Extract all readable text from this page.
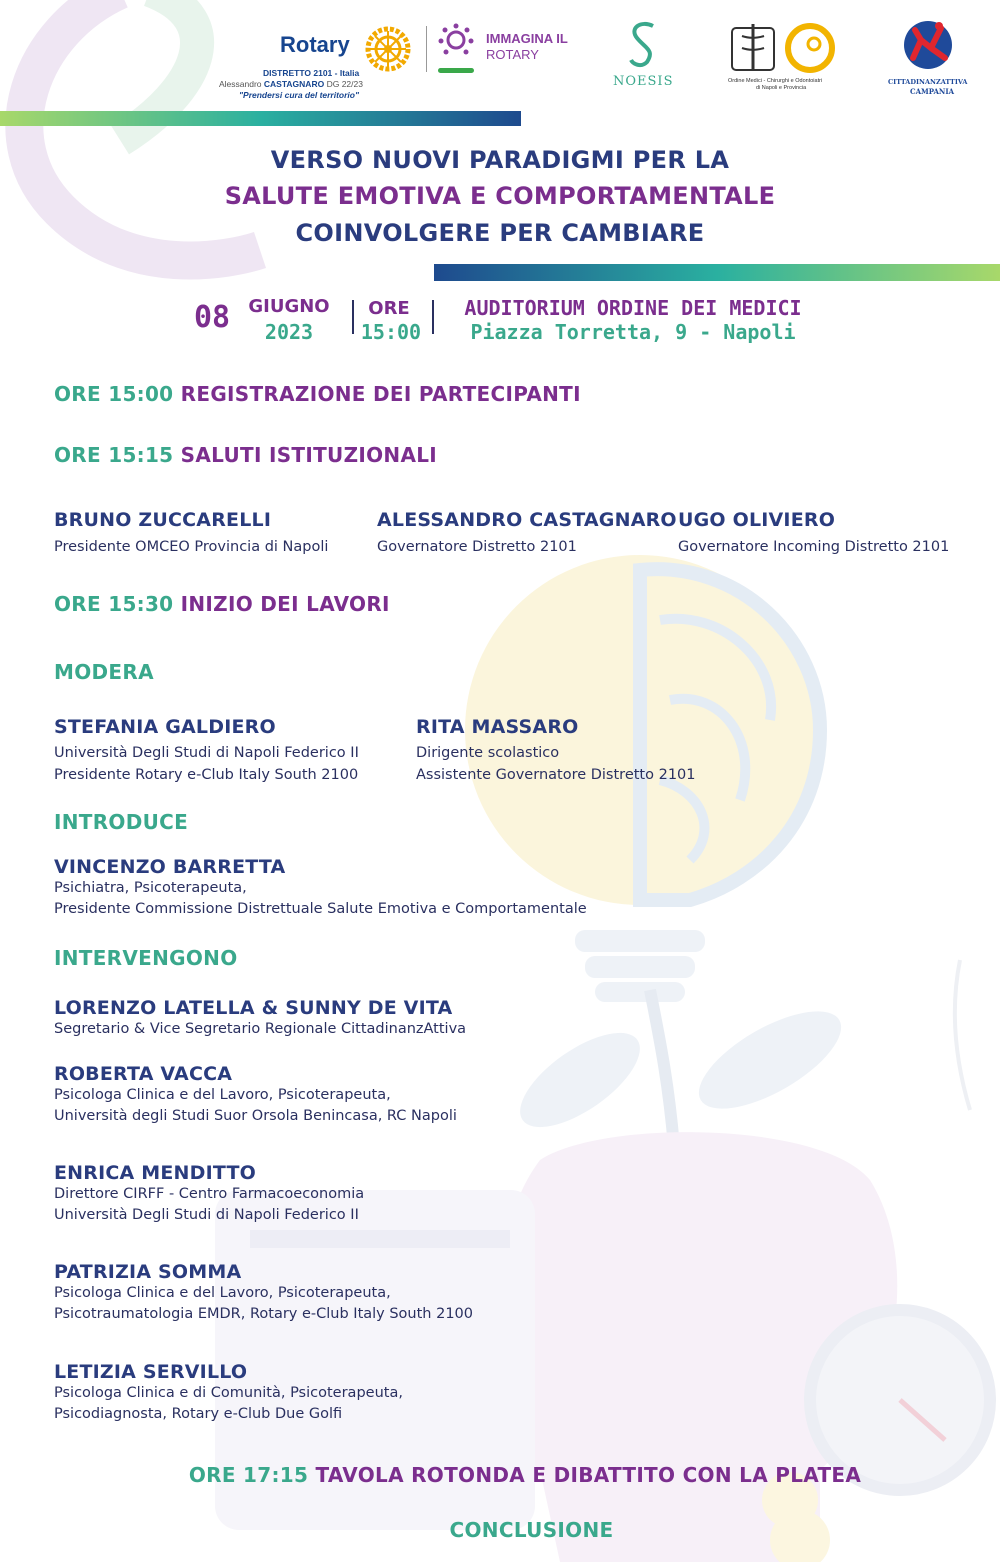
Rotary
DISTRETTO 2101 - Italia
Alessandro CASTAGNARO DG 22/23
"Prendersi cura del territorio"
IMMAGINA IL
ROTARY
NOESIS	Ordine Medici - Chirurghi e Odontoiatri
di Napoli e Provincia
CITTADINANZATTIVA
CAMPANIA
VERSO NUOVI PARADIGMI PER LA
SALUTE EMOTIVA E COMPORTAMENTALE
COINVOLGERE PER CAMBIARE
08 GIUGNO
2023
ORE
15:00
AUDITORIUM ORDINE DEI MEDICI
Piazza Torretta, 9 - Napoli
ORE 15:00 REGISTRAZIONE DEI PARTECIPANTI
ORE 15:15 SALUTI ISTITUZIONALI
BRUNO ZUCCARELLI
Presidente OMCEO Provincia di Napoli
ALESSANDRO CASTAGNARO
Governatore Distretto 2101
UGO OLIVIERO
Governatore Incoming Distretto 2101
ORE 15:30 INIZIO DEI LAVORI
MODERA
STEFANIA GALDIERO
Università Degli Studi di Napoli Federico II
Presidente Rotary e-Club Italy South 2100
RITA MASSARO
Dirigente scolastico
Assistente Governatore Distretto 2101
INTRODUCE
VINCENZO BARRETTA
Psichiatra, Psicoterapeuta,
Presidente Commissione Distrettuale Salute Emotiva e Comportamentale
INTERVENGONO
LORENZO LATELLA & SUNNY DE VITA
Segretario & Vice Segretario Regionale CittadinanzAttiva
ROBERTA VACCA
Psicologa Clinica e del Lavoro, Psicoterapeuta,
Università degli Studi Suor Orsola Benincasa, RC Napoli
ENRICA MENDITTO
Direttore CIRFF - Centro Farmacoeconomia
Università Degli Studi di Napoli Federico II
PATRIZIA SOMMA
Psicologa Clinica e del Lavoro, Psicoterapeuta,
Psicotraumatologia EMDR, Rotary e-Club Italy South 2100
LETIZIA SERVILLO
Psicologa Clinica e di Comunità, Psicoterapeuta,
Psicodiagnosta, Rotary e-Club Due Golfi
ORE 17:15 TAVOLA ROTONDA E DIBATTITO CON LA PLATEA
CONCLUSIONE
